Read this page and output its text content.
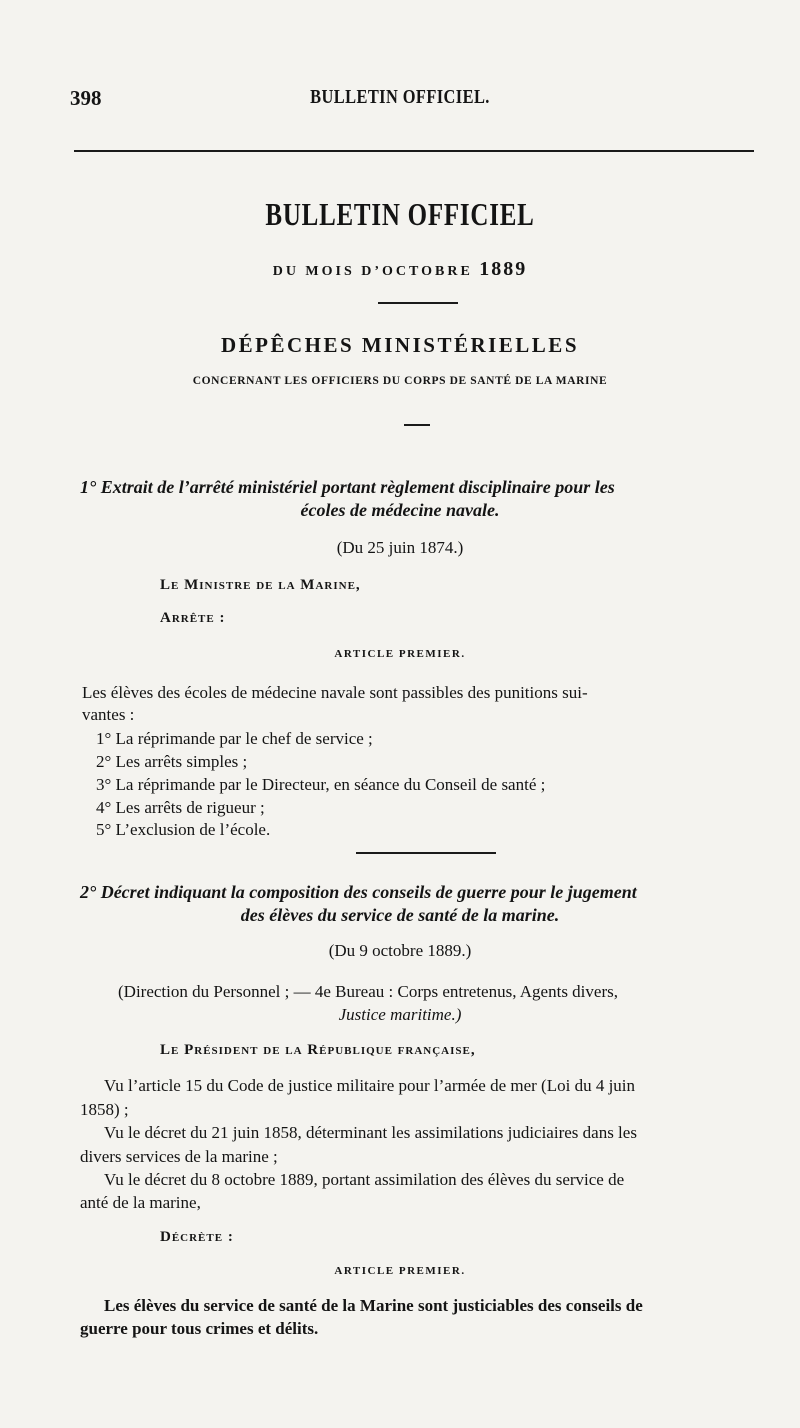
398	BULLETIN OFFICIEL.
BULLETIN OFFICIEL
DU MOIS D’OCTOBRE 1889
DÉPÊCHES MINISTÉRIELLES
CONCERNANT LES OFFICIERS DU CORPS DE SANTÉ DE LA MARINE

1° Extrait de l’arrêté ministériel portant règlement disciplinaire pour les

écoles de médecine navale.

(Du 25 juin 1874.)

Le Ministre de la Marine,

Arrête :

ARTICLE PREMIER.

Les élèves des écoles de médecine navale sont passibles des punitions sui-

vantes :

1° La réprimande par le chef de service ;

2° Les arrêts simples ;

3° La réprimande par le Directeur, en séance du Conseil de santé ;

4° Les arrêts de rigueur ;

5° L’exclusion de l’école.

2° Décret indiquant la composition des conseils de guerre pour le jugement

des élèves du service de santé de la marine.

(Du 9 octobre 1889.)

(Direction du Personnel ; — 4e Bureau : Corps entretenus, Agents divers,

Justice maritime.)

Le Président de la République française,

Vu l’article 15 du Code de justice militaire pour l’armée de mer (Loi du 4 juin

1858) ;

Vu le décret du 21 juin 1858, déterminant les assimilations judiciaires dans les

divers services de la marine ;

Vu le décret du 8 octobre 1889, portant assimilation des élèves du service de

anté de la marine,

Décrète :

ARTICLE PREMIER.

Les élèves du service de santé de la Marine sont justiciables des conseils de

guerre pour tous crimes et délits.
